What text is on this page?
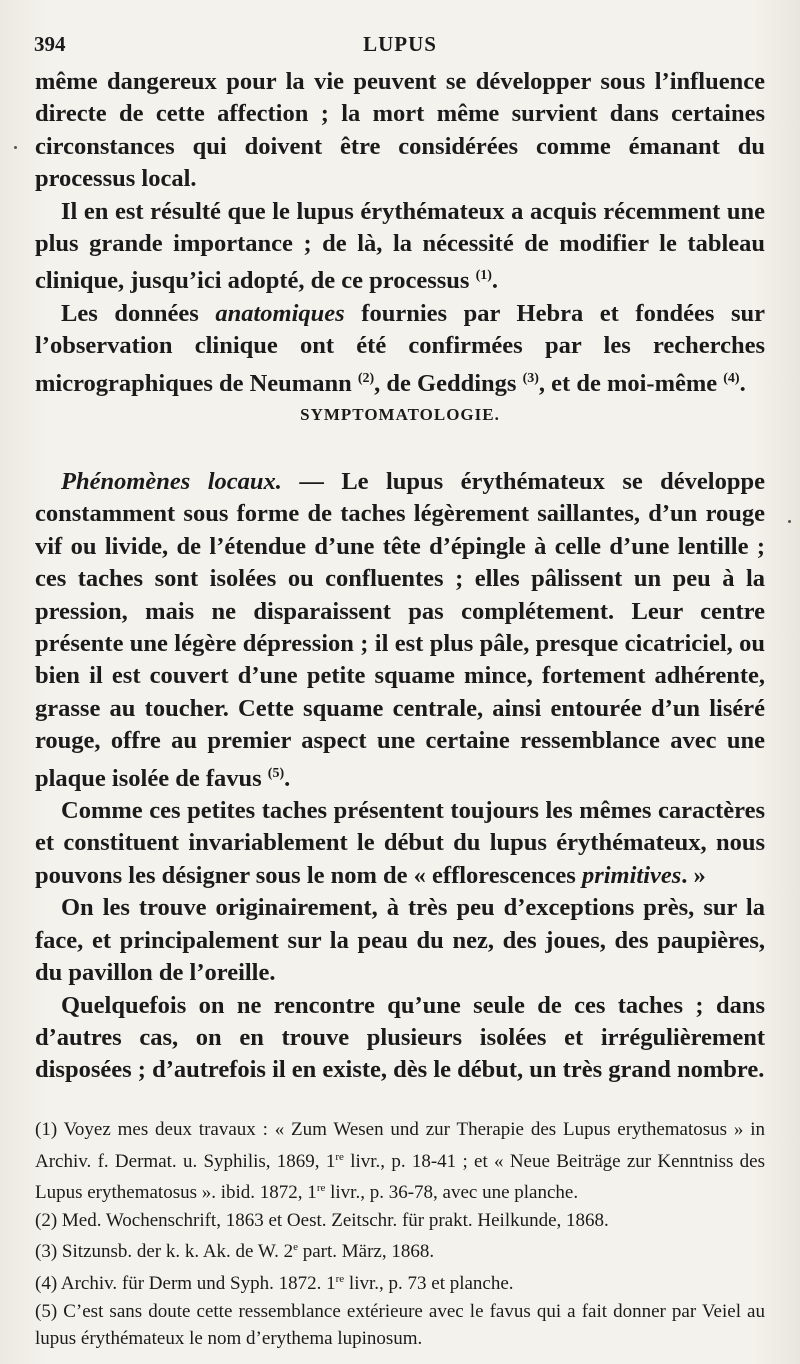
394	LUPUS

même dangereux pour la vie peuvent se développer sous l’influence directe de cette affection ; la mort même survient dans certaines circonstances qui doivent être considérées comme émanant du processus local.

Il en est résulté que le lupus érythémateux a acquis récemment une plus grande importance ; de là, la nécessité de modifier le tableau clinique, jusqu’ici adopté, de ce processus $^{(1)}$.

Les données anatomiques fournies par Hebra et fondées sur l’observation clinique ont été confirmées par les recherches micrographiques de Neumann $^{(2)}$, de Geddings $^{(3)}$, et de moi-même $^{(4)}$.

SYMPTOMATOLOGIE.

Phénomènes locaux. — Le lupus érythémateux se développe constamment sous forme de taches légèrement saillantes, d’un rouge vif ou livide, de l’étendue d’une tête d’épingle à celle d’une lentille ; ces taches sont isolées ou confluentes ; elles pâlissent un peu à la pression, mais ne disparaissent pas complétement. Leur centre présente une légère dépression ; il est plus pâle, presque cicatriciel, ou bien il est couvert d’une petite squame mince, fortement adhérente, grasse au toucher. Cette squame centrale, ainsi entourée d’un liséré rouge, offre au premier aspect une certaine ressemblance avec une plaque isolée de favus $^{(5)}$.

Comme ces petites taches présentent toujours les mêmes caractères et constituent invariablement le début du lupus érythémateux, nous pouvons les désigner sous le nom de « efflorescences primitives. »

On les trouve originairement, à très peu d’exceptions près, sur la face, et principalement sur la peau du nez, des joues, des paupières, du pavillon de l’oreille.

Quelquefois on ne rencontre qu’une seule de ces taches ; dans d’autres cas, on en trouve plusieurs isolées et irrégulièrement disposées ; d’autrefois il en existe, dès le début, un très grand nombre.

(1) Voyez mes deux travaux : « Zum Wesen und zur Therapie des Lupus erythematosus » in Archiv. f. Dermat. u. Syphilis, 1869, 1re livr., p. 18-41 ; et « Neue Beiträge zur Kenntniss des Lupus erythematosus ». ibid. 1872, 1re livr., p. 36-78, avec une planche.

(2) Med. Wochenschrift, 1863 et Oest. Zeitschr. für prakt. Heilkunde, 1868.

(3) Sitzunsb. der k. k. Ak. de W. 2e part. März, 1868.

(4) Archiv. für Derm und Syph. 1872. 1re livr., p. 73 et planche.

(5) C’est sans doute cette ressemblance extérieure avec le favus qui a fait donner par Veiel au lupus érythémateux le nom d’erythema lupinosum.
